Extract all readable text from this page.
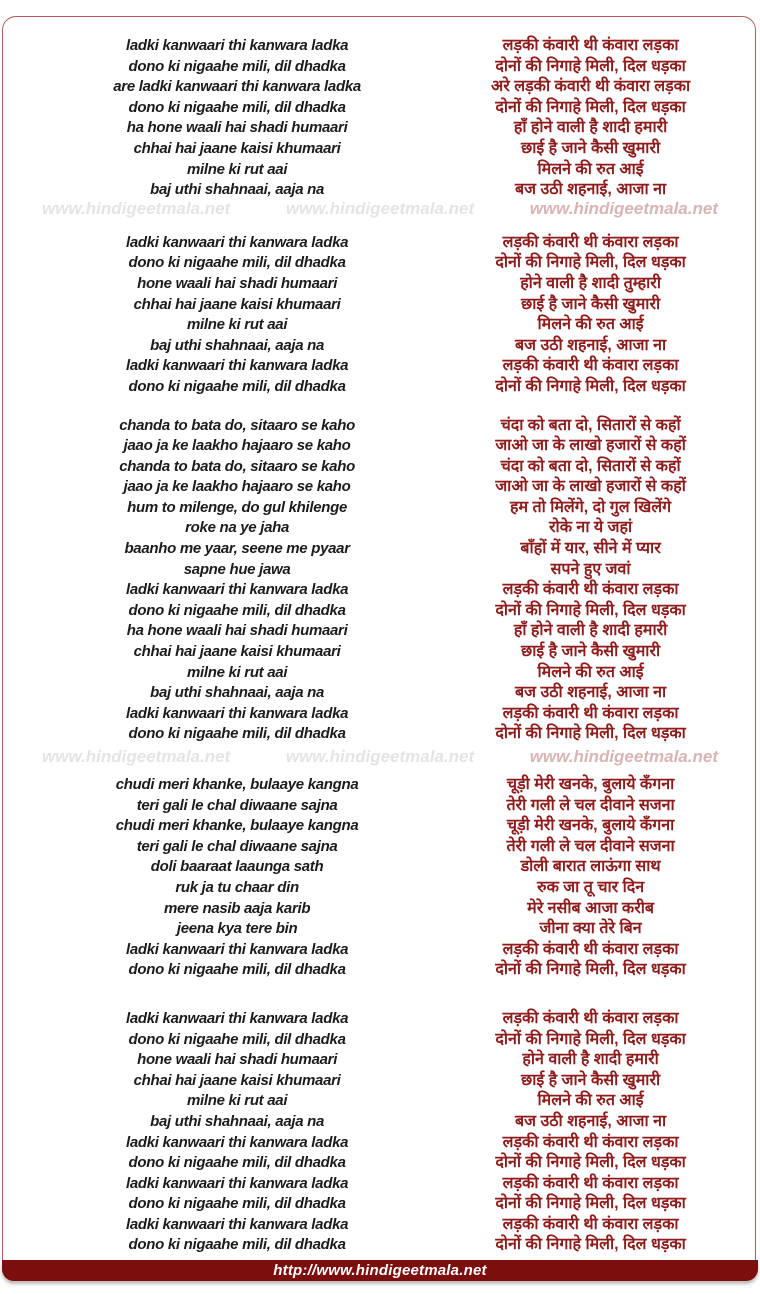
www.hindigeetmala.net	www.hindigeetmala.net	www.hindigeetmala.net
www.hindigeetmala.net	www.hindigeetmala.net	www.hindigeetmala.net
ladki kanwaari thi kanwara ladka
dono ki nigaahe mili, dil dhadka
are ladki kanwaari thi kanwara ladka
dono ki nigaahe mili, dil dhadka
ha hone waali hai shadi humaari
chhai hai jaane kaisi khumaari
milne ki rut aai
baj uthi shahnaai, aaja na
लड़की कंवारी थी कंवारा लड़का
दोनों की निगाहे मिली, दिल धड़का
अरे लड़की कंवारी थी कंवारा लड़का
दोनों की निगाहे मिली, दिल धड़का
हाँ होने वाली है शादी हमारी
छाई है जाने कैसी खुमारी
मिलने की रुत आई
बज उठी शहनाई, आजा ना
ladki kanwaari thi kanwara ladka
dono ki nigaahe mili, dil dhadka
hone waali hai shadi humaari
chhai hai jaane kaisi khumaari
milne ki rut aai
baj uthi shahnaai, aaja na
ladki kanwaari thi kanwara ladka
dono ki nigaahe mili, dil dhadka
लड़की कंवारी थी कंवारा लड़का
दोनों की निगाहे मिली, दिल धड़का
होने वाली है शादी तुम्हारी
छाई है जाने कैसी खुमारी
मिलने की रुत आई
बज उठी शहनाई, आजा ना
लड़की कंवारी थी कंवारा लड़का
दोनों की निगाहे मिली, दिल धड़का
chanda to bata do, sitaaro se kaho
jaao ja ke laakho hajaaro se kaho
chanda to bata do, sitaaro se kaho
jaao ja ke laakho hajaaro se kaho
hum to milenge, do gul khilenge
roke na ye jaha
baanho me yaar, seene me pyaar
sapne hue jawa
ladki kanwaari thi kanwara ladka
dono ki nigaahe mili, dil dhadka
ha hone waali hai shadi humaari
chhai hai jaane kaisi khumaari
milne ki rut aai
baj uthi shahnaai, aaja na
ladki kanwaari thi kanwara ladka
dono ki nigaahe mili, dil dhadka
चंदा को बता दो, सितारों से कहों
जाओ जा के लाखो हजारों से कहों
चंदा को बता दो, सितारों से कहों
जाओ जा के लाखो हजारों से कहों
हम तो मिलेंगे, दो गुल खिलेंगे
रोके ना ये जहां
बाँहों में यार, सीने में प्यार
सपने हुए जवां
लड़की कंवारी थी कंवारा लड़का
दोनों की निगाहे मिली, दिल धड़का
हाँ होने वाली है शादी हमारी
छाई है जाने कैसी खुमारी
मिलने की रुत आई
बज उठी शहनाई, आजा ना
लड़की कंवारी थी कंवारा लड़का
दोनों की निगाहे मिली, दिल धड़का
chudi meri khanke, bulaaye kangna
teri gali le chal diwaane sajna
chudi meri khanke, bulaaye kangna
teri gali le chal diwaane sajna
doli baaraat laaunga sath
ruk ja tu chaar din
mere nasib aaja karib
jeena kya tere bin
ladki kanwaari thi kanwara ladka
dono ki nigaahe mili, dil dhadka
चूड़ी मेरी खनके, बुलाये कँगना
तेरी गली ले चल दीवाने सजना
चूड़ी मेरी खनके, बुलाये कँगना
तेरी गली ले चल दीवाने सजना
डोली बारात लाऊंगा साथ
रुक जा तू चार दिन
मेरे नसीब आजा करीब
जीना क्या तेरे बिन
लड़की कंवारी थी कंवारा लड़का
दोनों की निगाहे मिली, दिल धड़का
ladki kanwaari thi kanwara ladka
dono ki nigaahe mili, dil dhadka
hone waali hai shadi humaari
chhai hai jaane kaisi khumaari
milne ki rut aai
baj uthi shahnaai, aaja na
ladki kanwaari thi kanwara ladka
dono ki nigaahe mili, dil dhadka
ladki kanwaari thi kanwara ladka
dono ki nigaahe mili, dil dhadka
ladki kanwaari thi kanwara ladka
dono ki nigaahe mili, dil dhadka
लड़की कंवारी थी कंवारा लड़का
दोनों की निगाहे मिली, दिल धड़का
होने वाली है शादी हमारी
छाई है जाने कैसी खुमारी
मिलने की रुत आई
बज उठी शहनाई, आजा ना
लड़की कंवारी थी कंवारा लड़का
दोनों की निगाहे मिली, दिल धड़का
लड़की कंवारी थी कंवारा लड़का
दोनों की निगाहे मिली, दिल धड़का
लड़की कंवारी थी कंवारा लड़का
दोनों की निगाहे मिली, दिल धड़का
http://www.hindigeetmala.net
